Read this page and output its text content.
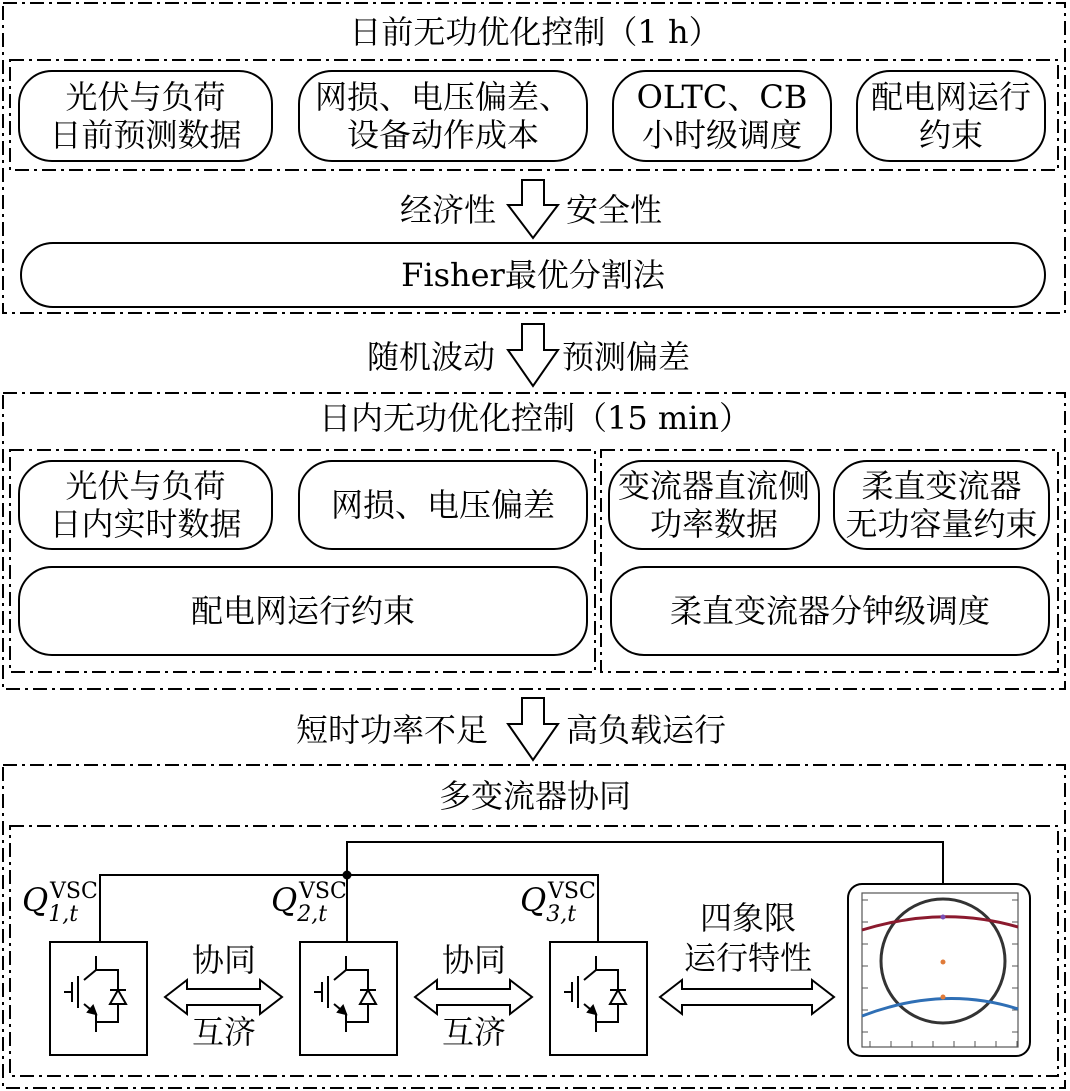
日前无功优化控制（1 h）
光伏与负荷
日前预测数据
网损、电压偏差、
设备动作成本
OLTC、CB
小时级调度
配电网运行
约束
经济性 安全性
Fisher最优分割法
随机波动 预测偏差
日内无功优化控制（15 min）
光伏与负荷
日内实时数据	网损、电压偏差
配电网运行约束
变流器直流侧
功率数据
柔直变流器
无功容量约束
柔直变流器分钟级调度
短时功率不足 高负载运行
多变流器协同
$Q_{1,t}$
VSC	$Q_{2,t}$
VSC	$Q_{3,t}$
VSC
协同
互济
协同
互济
四象限
运行特性
